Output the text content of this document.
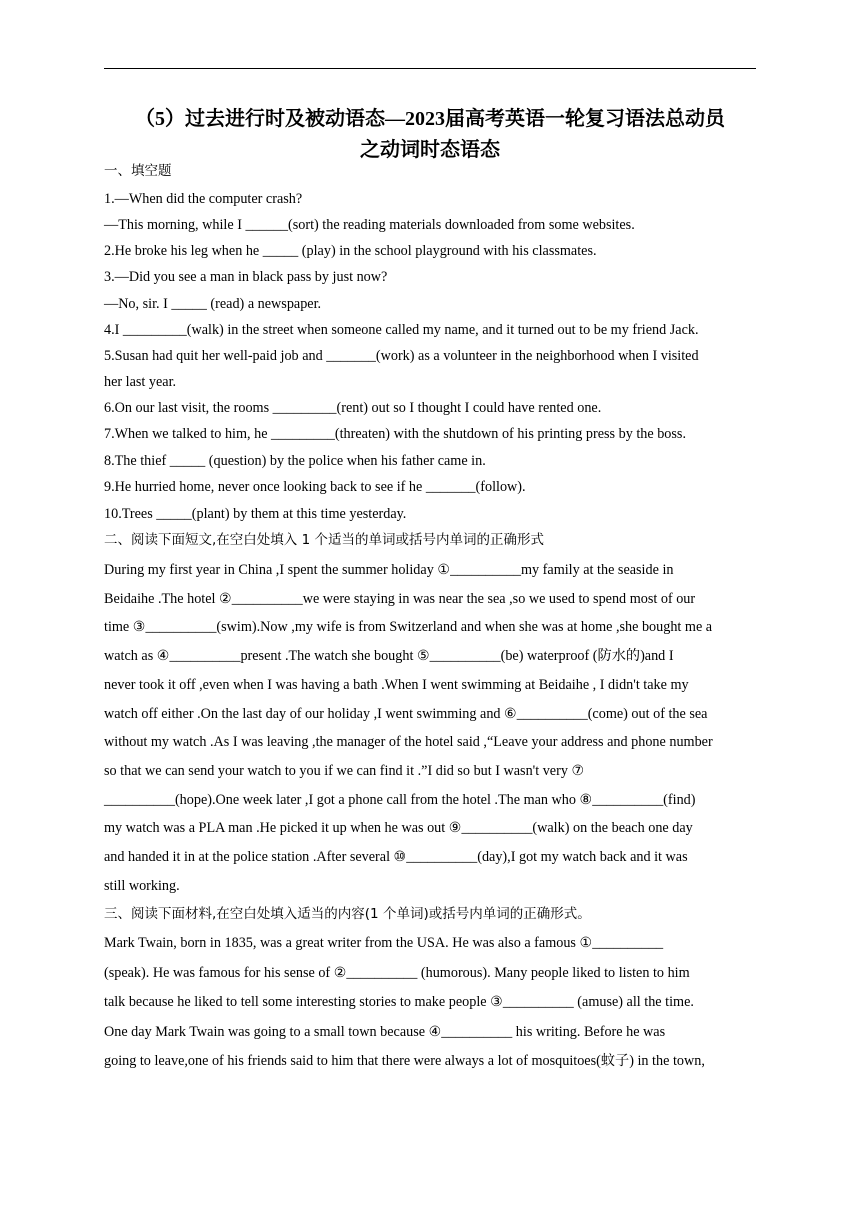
（5）过去进行时及被动语态—2023届高考英语一轮复习语法总动员
之动词时态语态
一、填空题
1.—When did the computer crash?
—This morning, while I ______(sort) the reading materials downloaded from some websites.
2.He broke his leg when he _____ (play) in the school playground with his classmates.
3.—Did you see a man in black pass by just now?
—No, sir. I _____ (read) a newspaper.
4.I _________(walk) in the street when someone called my name, and it turned out to be my friend Jack.
5.Susan had quit her well-paid job and _______(work) as a volunteer in the neighborhood when I visited
her last year.
6.On our last visit, the rooms _________(rent) out so I thought I could have rented one.
7.When we talked to him, he _________(threaten) with the shutdown of his printing press by the boss.
8.The thief _____ (question) by the police when his father came in.
9.He hurried home, never once looking back to see if he _______(follow).
10.Trees _____(plant) by them at this time yesterday.
二、阅读下面短文,在空白处填入 1 个适当的单词或括号内单词的正确形式
During my first year in China ,I spent the summer holiday ①__________my family at the seaside in
Beidaihe .The hotel ②__________we were staying in was near the sea ,so we used to spend most of our
time ③__________(swim).Now ,my wife is from Switzerland and when she was at home ,she bought me a
watch as ④__________present .The watch she bought ⑤__________(be) waterproof (防水的)and I
never took it off ,even when I was having a bath .When I went swimming at Beidaihe , I didn't take my
watch off either .On the last day of our holiday ,I went swimming and ⑥__________(come) out of the sea
without my watch .As I was leaving ,the manager of the hotel said ,“Leave your address and phone number
so that we can send your watch to you if we can find it .”I did so but I wasn't very ⑦
__________(hope).One week later ,I got a phone call from the hotel .The man who ⑧__________(find)
my watch was a PLA man .He picked it up when he was out ⑨__________(walk) on the beach one day
and handed it in at the police station .After several ⑩__________(day),I got my watch back and it was
still working.
三、阅读下面材料,在空白处填入适当的内容(1 个单词)或括号内单词的正确形式。
Mark Twain, born in 1835, was a great writer from the USA. He was also a famous ①__________
(speak). He was famous for his sense of ②__________ (humorous). Many people liked to listen to him
talk because he liked to tell some interesting stories to make people ③__________ (amuse) all the time.
One day Mark Twain was going to a small town because ④__________ his writing. Before he was
going to leave,one of his friends said to him that there were always a lot of mosquitoes(蚊子) in the town,
